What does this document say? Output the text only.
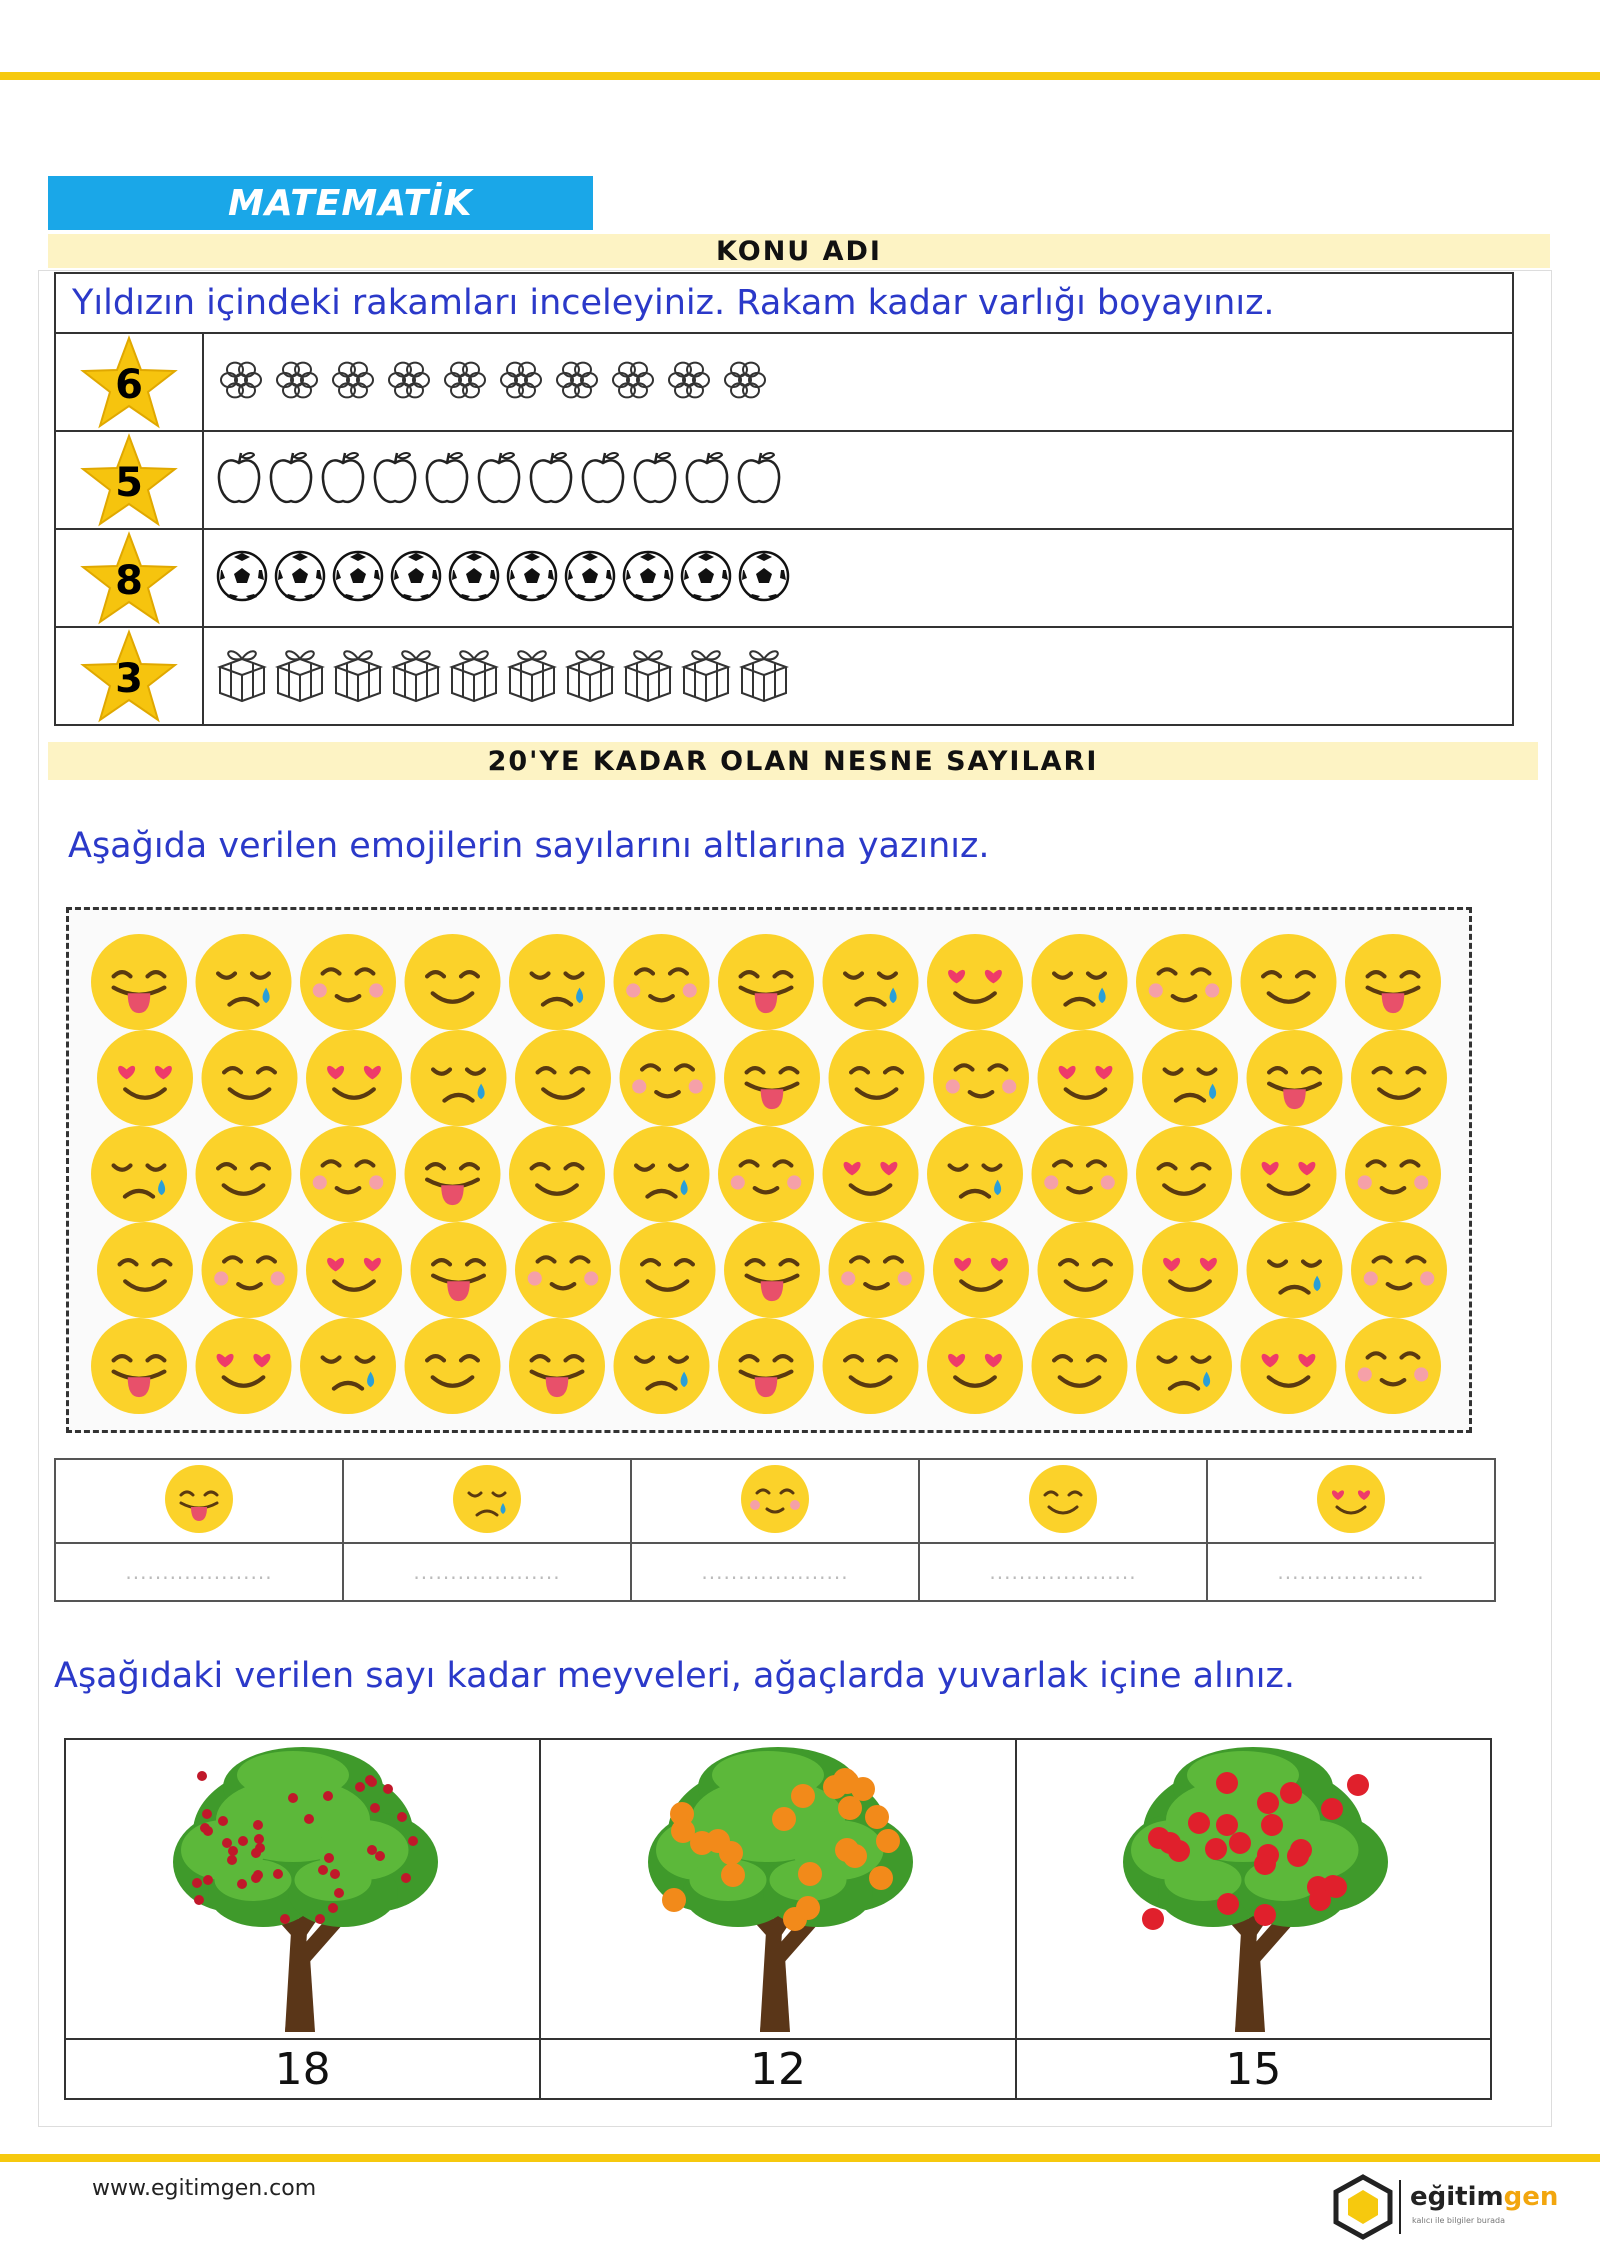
MATEMATİK
KONU ADI
Yıldızın içindeki rakamları inceleyiniz. Rakam kadar varlığı boyayınız.	

6

5

8

3

20'YE KADAR OLAN NESNE SAYILARI
Aşağıda verilen emojilerin sayılarını altlarına yazınız.

....................	....................	....................	....................	....................
Aşağıdaki verilen sayı kadar meyveleri, ağaçlarda yuvarlak içine alınız.

18	12	15
www.egitimgen.com	eğitimgen
kalıcı ile bilgiler burada
